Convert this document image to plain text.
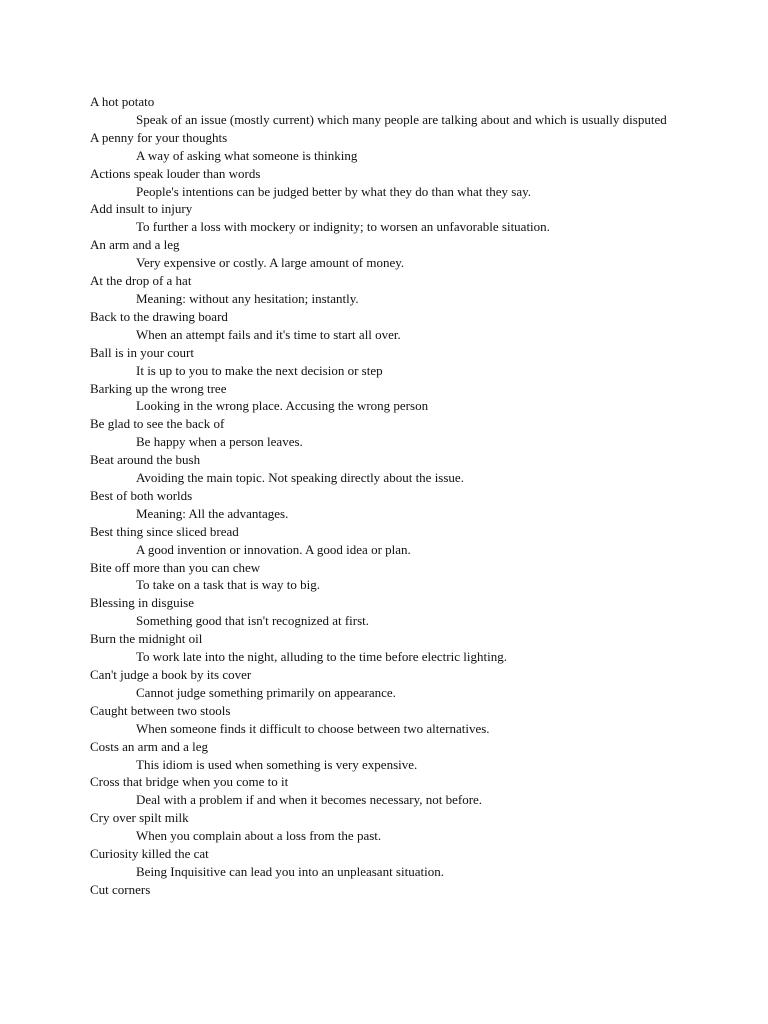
A hot potato
Speak of an issue (mostly current) which many people are talking about and which is usually disputed
A penny for your thoughts
A way of asking what someone is thinking
Actions speak louder than words
People's intentions can be judged better by what they do than what they say.
Add insult to injury
To further a loss with mockery or indignity; to worsen an unfavorable situation.
An arm and a leg
Very expensive or costly. A large amount of money.
At the drop of a hat
Meaning: without any hesitation; instantly.
Back to the drawing board
When an attempt fails and it's time to start all over.
Ball is in your court
It is up to you to make the next decision or step
Barking up the wrong tree
Looking in the wrong place. Accusing the wrong person
Be glad to see the back of
Be happy when a person leaves.
Beat around the bush
Avoiding the main topic. Not speaking directly about the issue.
Best of both worlds
Meaning: All the advantages.
Best thing since sliced bread
A good invention or innovation. A good idea or plan.
Bite off more than you can chew
To take on a task that is way to big.
Blessing in disguise
Something good that isn't recognized at first.
Burn the midnight oil
To work late into the night, alluding to the time before electric lighting.
Can't judge a book by its cover
Cannot judge something primarily on appearance.
Caught between two stools
When someone finds it difficult to choose between two alternatives.
Costs an arm and a leg
This idiom is used when something is very expensive.
Cross that bridge when you come to it
Deal with a problem if and when it becomes necessary, not before.
Cry over spilt milk
When you complain about a loss from the past.
Curiosity killed the cat
Being Inquisitive can lead you into an unpleasant situation.
Cut corners
